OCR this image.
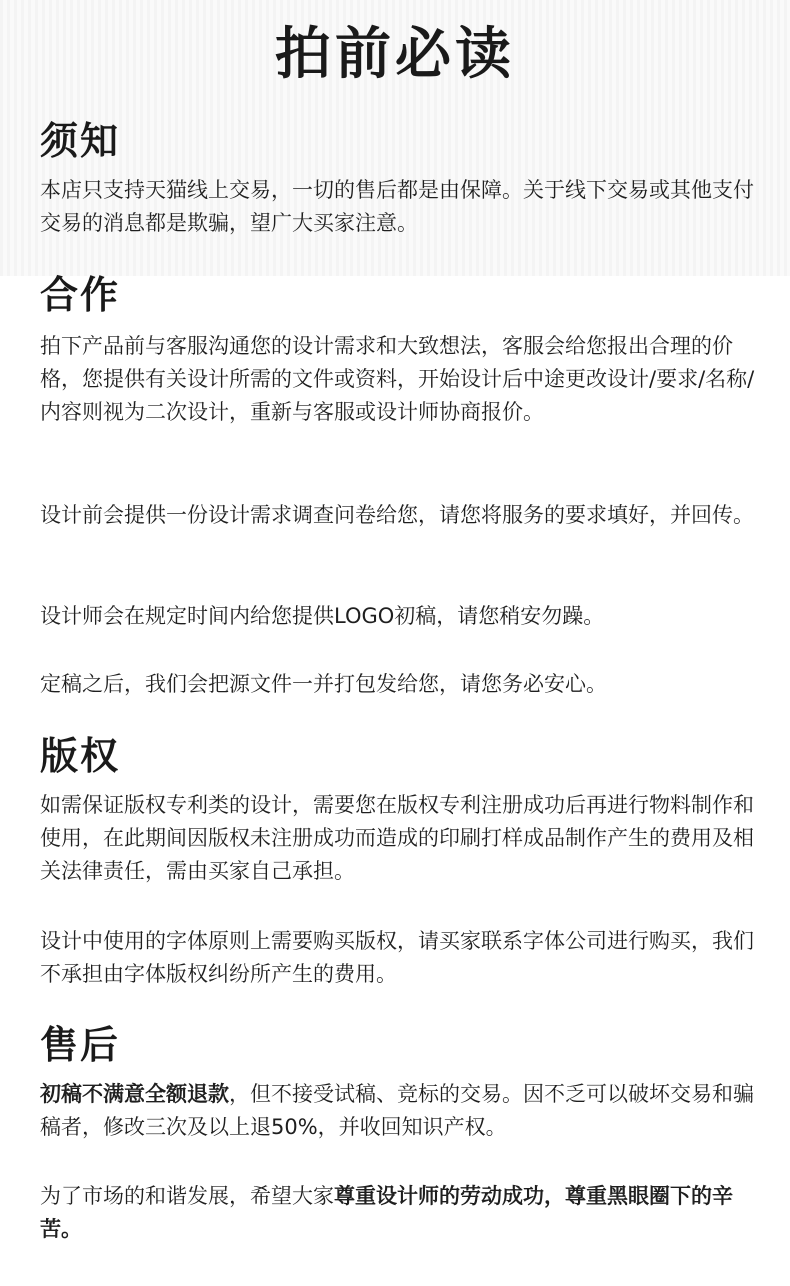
拍前必读
须知
本店只支持天猫线上交易，一切的售后都是由保障。关于线下交易或其他支付交易的消息都是欺骗，望广大买家注意。
合作
拍下产品前与客服沟通您的设计需求和大致想法，客服会给您报出合理的价格，您提供有关设计所需的文件或资料，开始设计后中途更改设计/要求/名称/内容则视为二次设计，重新与客服或设计师协商报价。
设计前会提供一份设计需求调查问卷给您，请您将服务的要求填好，并回传。
设计师会在规定时间内给您提供LOGO初稿，请您稍安勿躁。
定稿之后，我们会把源文件一并打包发给您，请您务必安心。
版权
如需保证版权专利类的设计，需要您在版权专利注册成功后再进行物料制作和使用，在此期间因版权未注册成功而造成的印刷打样成品制作产生的费用及相关法律责任，需由买家自己承担。
设计中使用的字体原则上需要购买版权，请买家联系字体公司进行购买，我们不承担由字体版权纠纷所产生的费用。
售后
初稿不满意全额退款，但不接受试稿、竞标的交易。因不乏可以破坏交易和骗稿者，修改三次及以上退50%，并收回知识产权。
为了市场的和谐发展，希望大家尊重设计师的劳动成功，尊重黑眼圈下的辛苦。
